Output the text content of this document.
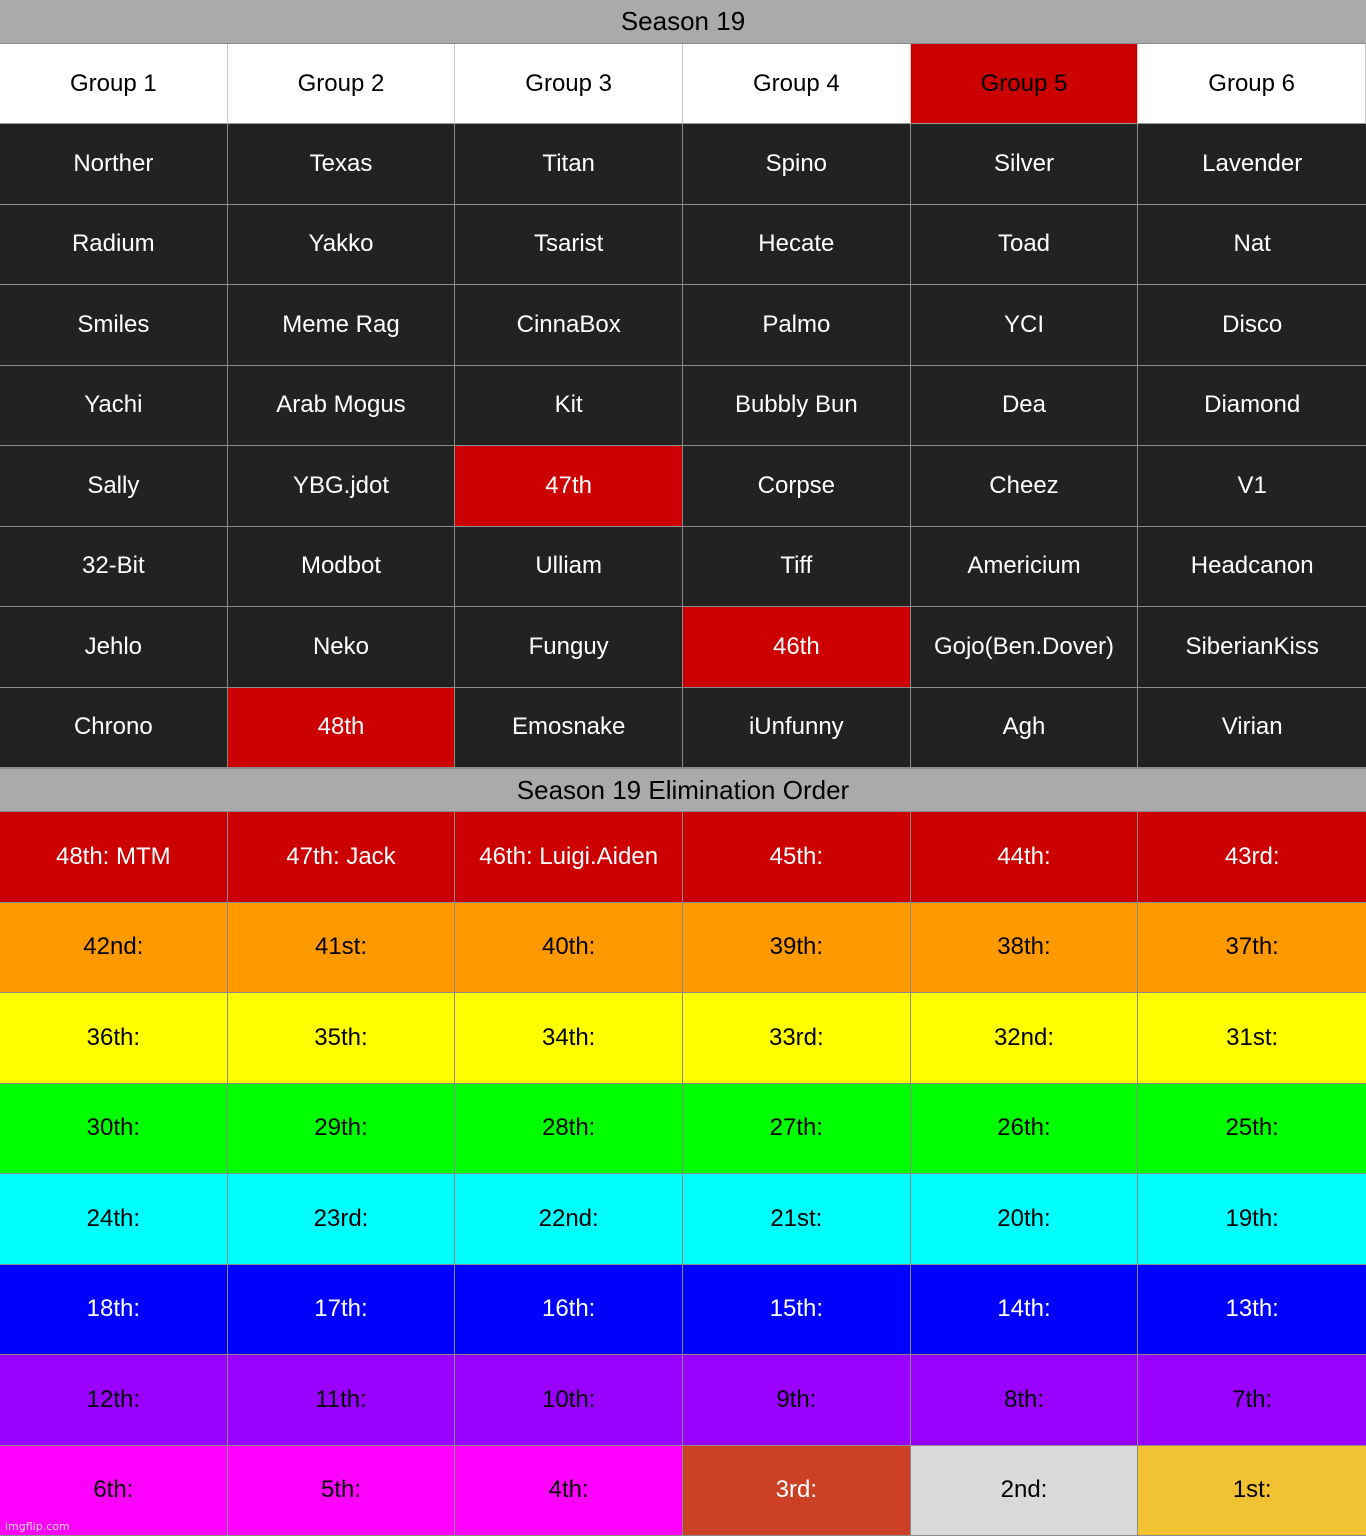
Season 19
Group 1	Group 2	Group 3	Group 4	Group 5	Group 6
Norther	Texas	Titan	Spino	Silver	Lavender
Radium	Yakko	Tsarist	Hecate	Toad	Nat
Smiles	Meme Rag	CinnaBox	Palmo	YCI	Disco
Yachi	Arab Mogus	Kit	Bubbly Bun	Dea	Diamond
Sally	YBG.jdot	47th	Corpse	Cheez	V1
32-Bit	Modbot	Ulliam	Tiff	Americium	Headcanon
Jehlo	Neko	Funguy	46th	Gojo(Ben.Dover)	SiberianKiss
Chrono	48th	Emosnake	iUnfunny	Agh	Virian
Season 19 Elimination Order
48th: MTM	47th: Jack	46th: Luigi.Aiden	45th:	44th:	43rd:
42nd:	41st:	40th:	39th:	38th:	37th:
36th:	35th:	34th:	33rd:	32nd:	31st:
30th:	29th:	28th:	27th:	26th:	25th:
24th:	23rd:	22nd:	21st:	20th:	19th:
18th:	17th:	16th:	15th:	14th:	13th:
12th:	11th:	10th:	9th:	8th:	7th:
6th:	5th:	4th:	3rd:	2nd:	1st:
imgflip.com
